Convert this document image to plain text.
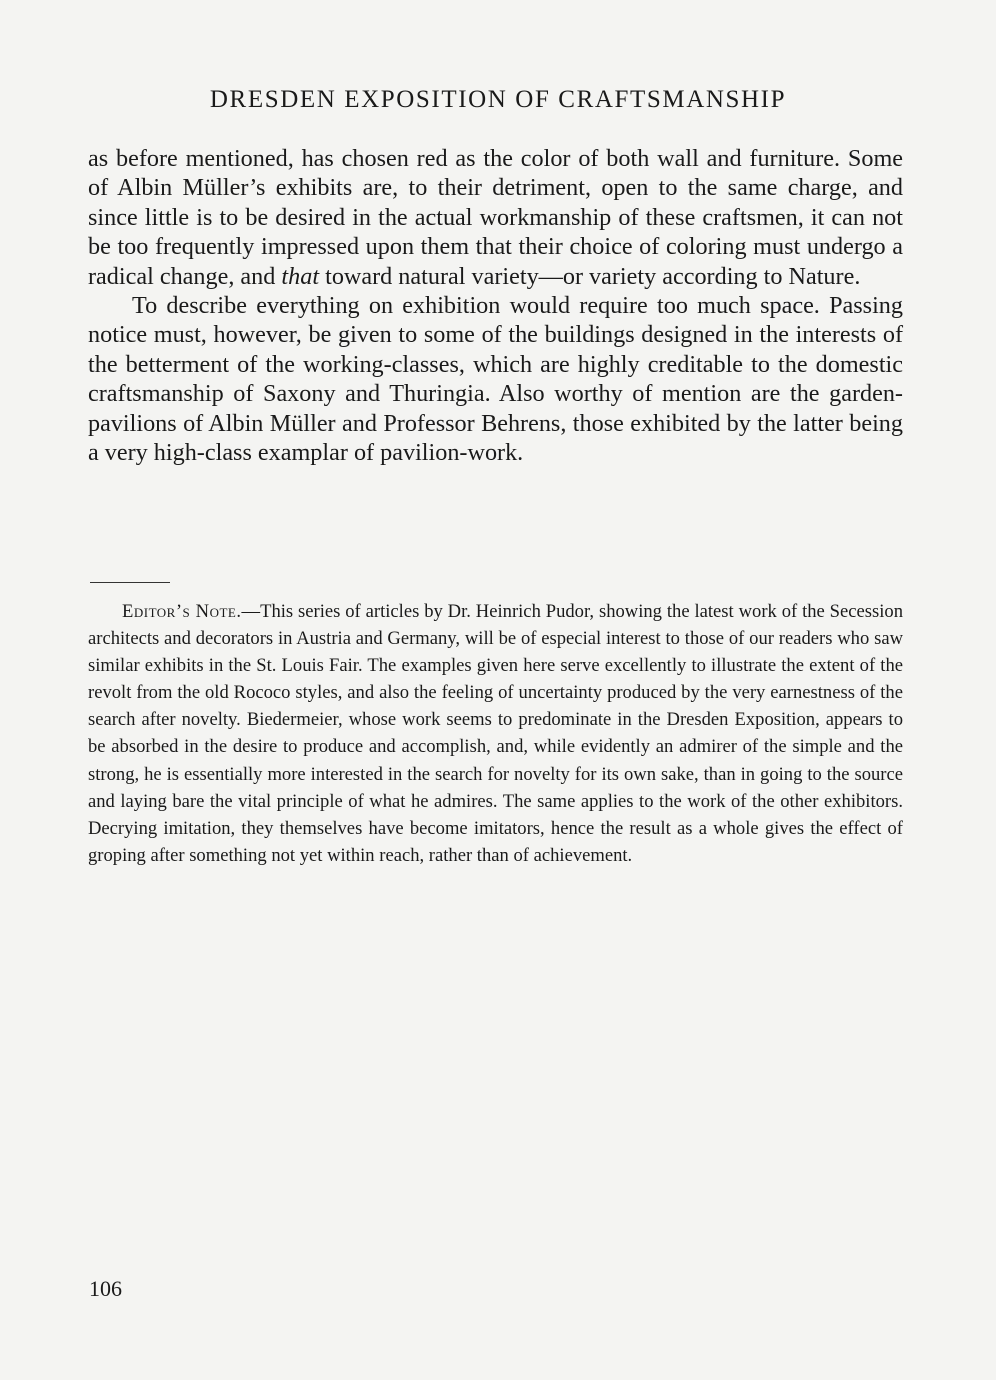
DRESDEN EXPOSITION OF CRAFTSMANSHIP

as before mentioned, has chosen red as the color of both wall and furniture. Some of Albin Müller’s exhibits are, to their detriment, open to the same charge, and since little is to be desired in the actual workmanship of these craftsmen, it can not be too frequently impressed upon them that their choice of coloring must undergo a radical change, and that toward natural variety—or variety according to Nature.

To describe everything on exhibition would require too much space. Passing notice must, however, be given to some of the buildings designed in the interests of the betterment of the working-classes, which are highly creditable to the domestic craftsmanship of Saxony and Thuringia. Also worthy of mention are the garden-pavilions of Albin Müller and Professor Behrens, those exhibited by the latter being a very high-class examplar of pavilion-work.

Editor’s Note.—This series of articles by Dr. Heinrich Pudor, showing the latest work of the Secession architects and decorators in Austria and Germany, will be of especial interest to those of our readers who saw similar exhibits in the St. Louis Fair. The examples given here serve excellently to illustrate the extent of the revolt from the old Rococo styles, and also the feeling of uncertainty produced by the very earnestness of the search after novelty. Biedermeier, whose work seems to predominate in the Dresden Exposition, appears to be absorbed in the desire to produce and accomplish, and, while evidently an admirer of the simple and the strong, he is essentially more interested in the search for novelty for its own sake, than in going to the source and laying bare the vital principle of what he admires. The same applies to the work of the other exhibitors. Decrying imitation, they themselves have become imitators, hence the result as a whole gives the effect of groping after something not yet within reach, rather than of achievement.

106
